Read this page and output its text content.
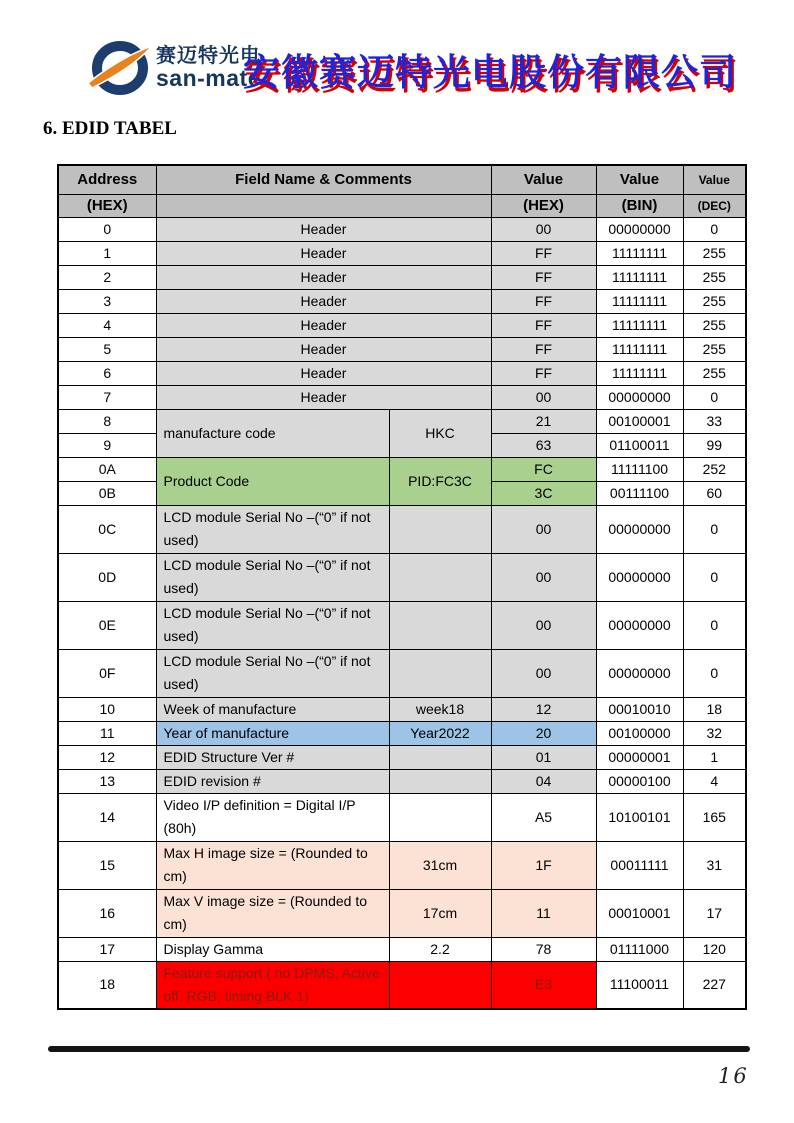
赛迈特光电
san-mate
安徽赛迈特光电股份有限公司
6. EDID TABEL
Address	Field Name & Comments		Value	Value	Value
(HEX)			(HEX)	(BIN)	(DEC)
0	Header		00	00000000	0
1	Header		FF	11111111	255
2	Header		FF	11111111	255
3	Header		FF	11111111	255
4	Header		FF	11111111	255
5	Header		FF	11111111	255
6	Header		FF	11111111	255
7	Header		00	00000000	0
8	manufacture code	HKC	21	00100001	33
9			63	01100011	99
0A	Product Code	PID:FC3C	FC	11111100	252
0B			3C	00111100	60
0C	LCD module Serial No –(“0” if not used)		00	00000000	0
0D	LCD module Serial No –(“0” if not used)		00	00000000	0
0E	LCD module Serial No –(“0” if not used)		00	00000000	0
0F	LCD module Serial No –(“0” if not used)		00	00000000	0
10	Week of manufacture	week18	12	00010010	18
11	Year of manufacture	Year2022	20	00100000	32
12	EDID Structure Ver #		01	00000001	1
13	EDID revision #		04	00000100	4
14	Video I/P definition = Digital I/P (80h)		A5	10100101	165
15	Max H image size = (Rounded to cm)	31cm	1F	00011111	31
16	Max V image size = (Rounded to cm)	17cm	11	00010001	17
17	Display Gamma	2.2	78	01111000	120
18	Feature support ( no DPMS, Active off, RGB, timing BLK 1)		E3	11100011	227
16
